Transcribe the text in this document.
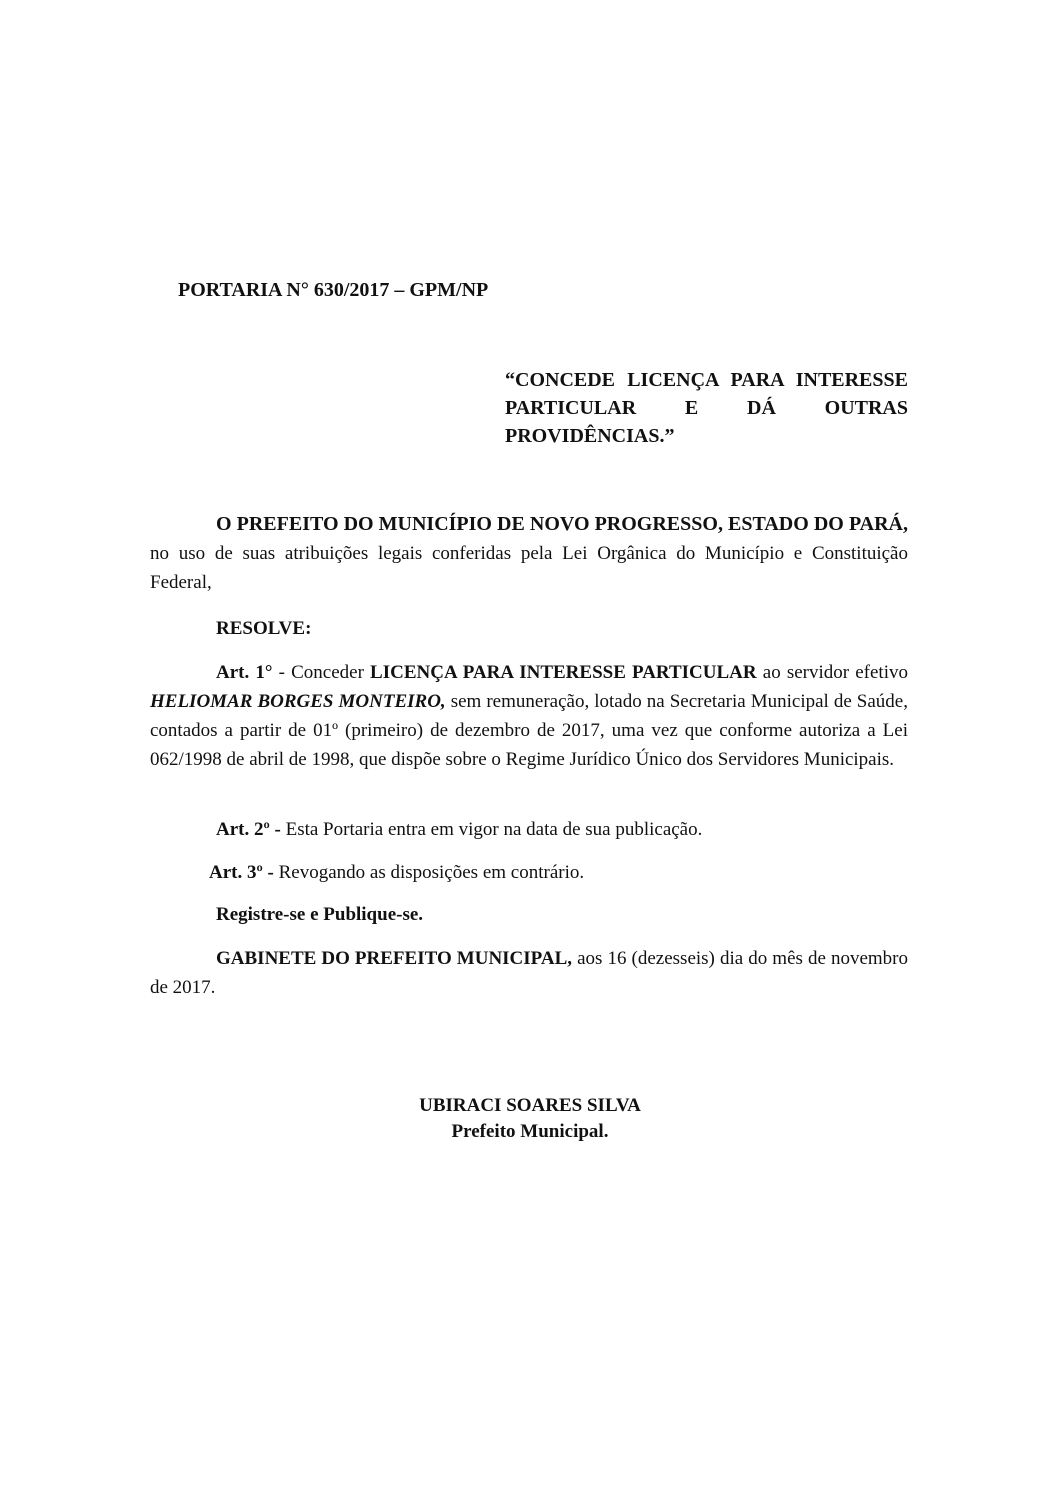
PORTARIA N° 630/2017 – GPM/NP
“CONCEDE LICENÇA PARA INTERESSE PARTICULAR E DÁ OUTRAS PROVIDÊNCIAS.”
O PREFEITO DO MUNICÍPIO DE NOVO PROGRESSO, ESTADO DO PARÁ, no uso de suas atribuições legais conferidas pela Lei Orgânica do Município e Constituição Federal,
RESOLVE:
Art. 1° - Conceder LICENÇA PARA INTERESSE PARTICULAR ao servidor efetivo HELIOMAR BORGES MONTEIRO, sem remuneração, lotado na Secretaria Municipal de Saúde, contados a partir de 01º (primeiro) de dezembro de 2017, uma vez que conforme autoriza a Lei 062/1998 de abril de 1998, que dispõe sobre o Regime Jurídico Único dos Servidores Municipais.
Art. 2º - Esta Portaria entra em vigor na data de sua publicação.
Art. 3º - Revogando as disposições em contrário.
Registre-se e Publique-se.
GABINETE DO PREFEITO MUNICIPAL, aos 16 (dezesseis) dia do mês de novembro de 2017.
UBIRACI SOARES SILVA
Prefeito Municipal.
